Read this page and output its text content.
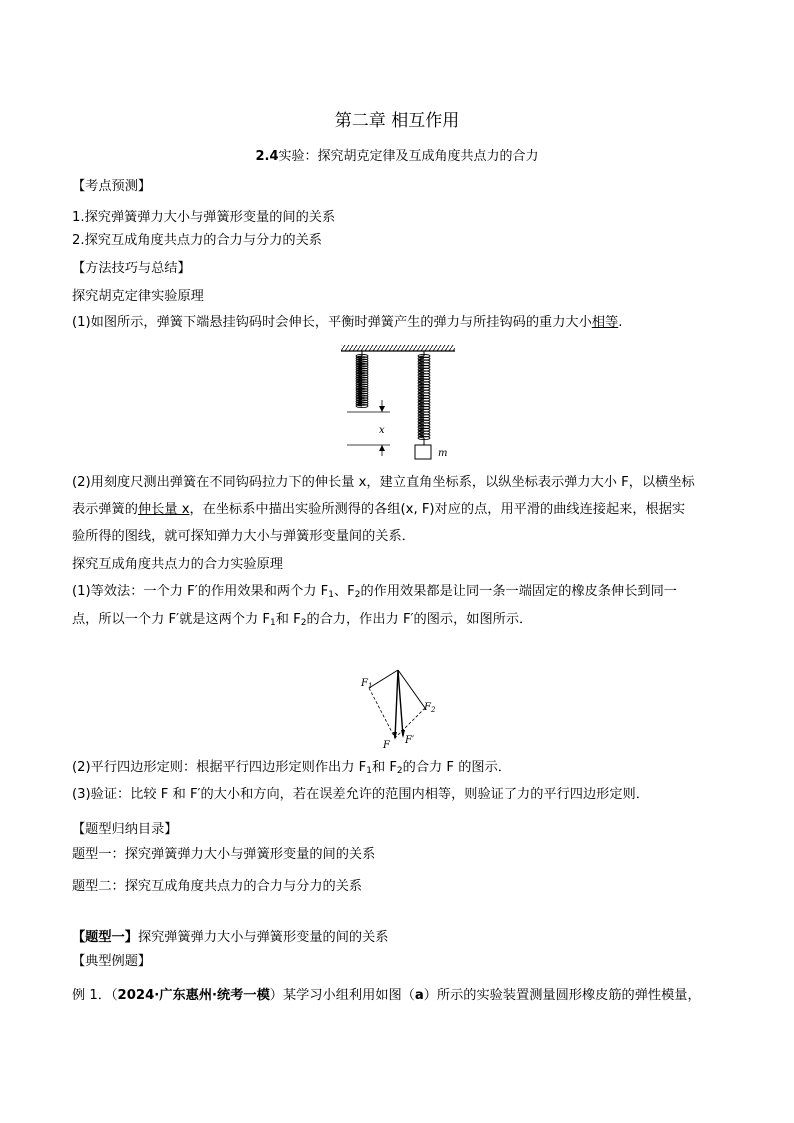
第二章 相互作用
2.4实验：探究胡克定律及互成角度共点力的合力
【考点预测】
1.探究弹簧弹力大小与弹簧形变量的间的关系
2.探究互成角度共点力的合力与分力的关系
【方法技巧与总结】
探究胡克定律实验原理
(1)如图所示，弹簧下端悬挂钩码时会伸长，平衡时弹簧产生的弹力与所挂钩码的重力大小相等.
x
m
(2)用刻度尺测出弹簧在不同钩码拉力下的伸长量 x，建立直角坐标系，以纵坐标表示弹力大小 F，以横坐标
表示弹簧的伸长量 x，在坐标系中描出实验所测得的各组(x, F)对应的点，用平滑的曲线连接起来，根据实
验所得的图线，就可探知弹力大小与弹簧形变量间的关系．
探究互成角度共点力的合力实验原理
(1)等效法：一个力 F′的作用效果和两个力 $F_1$、$F_2$的作用效果都是让同一条一端固定的橡皮条伸长到同一
点，所以一个力 F′就是这两个力 $F_1$和 $F_2$的合力，作出力 F′的图示，如图所示．
$F_1$
$F_2$
F F′
(2)平行四边形定则：根据平行四边形定则作出力 $F_1$和 $F_2$的合力 F 的图示．
(3)验证：比较 F 和 F′的大小和方向，若在误差允许的范围内相等，则验证了力的平行四边形定则．
【题型归纳目录】
题型一：探究弹簧弹力大小与弹簧形变量的间的关系
题型二：探究互成角度共点力的合力与分力的关系
【题型一】探究弹簧弹力大小与弹簧形变量的间的关系
【典型例题】
例 1．（2024·广东惠州·统考一模）某学习小组利用如图（a）所示的实验装置测量圆形橡皮筋的弹性模量，
